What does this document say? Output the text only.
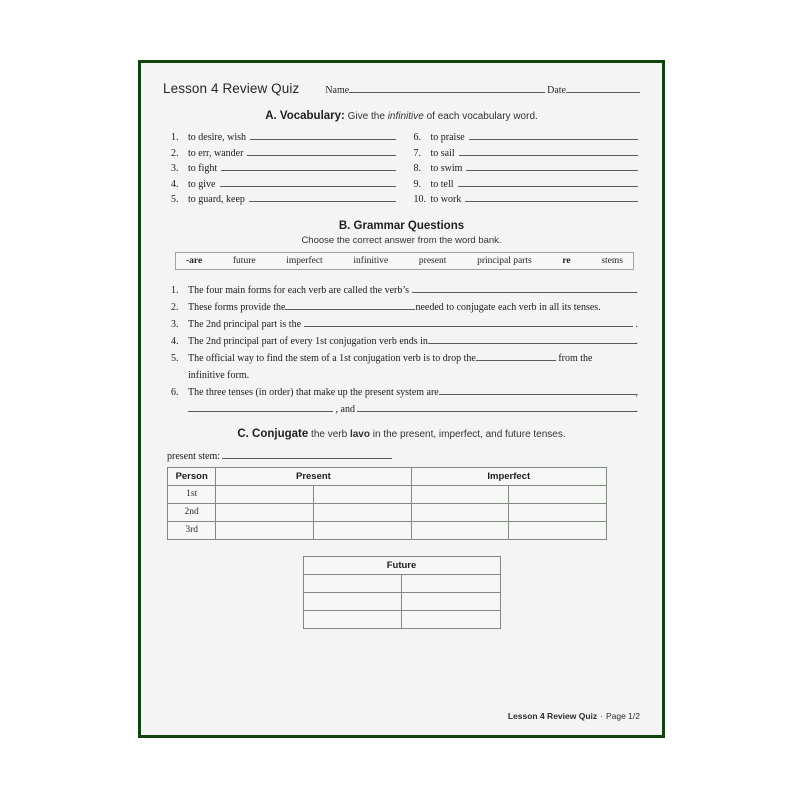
Lesson 4 Review Quiz	Name	Date
A. Vocabulary: Give the infinitive of each vocabulary word.
1. to desire, wish
2. to err, wander
3. to fight
4. to give
5. to guard, keep
6. to praise
7. to sail
8. to swim
9. to tell
10. to work
B. Grammar Questions
Choose the correct answer from the word bank.
-are	future	imperfect	infinitive	present	principal parts	re	stems
1. The four main forms for each verb are called the verb’s	.
2. These forms provide the	needed to conjugate each verb in all its tenses.
3. The 2nd principal part is the	.
4. The 2nd principal part of every 1st conjugation verb ends in	.
5. The official way to find the stem of a 1st conjugation verb is to drop the	from the
infinitive form.
6. The three tenses (in order) that make up the present system are	,
, and	.
C. Conjugate the verb lavo in the present, imperfect, and future tenses.
present stem:
Person	Present		Imperfect	
1st				
2nd				
3rd				
Future	

Lesson 4 Review Quiz · Page 1/2
